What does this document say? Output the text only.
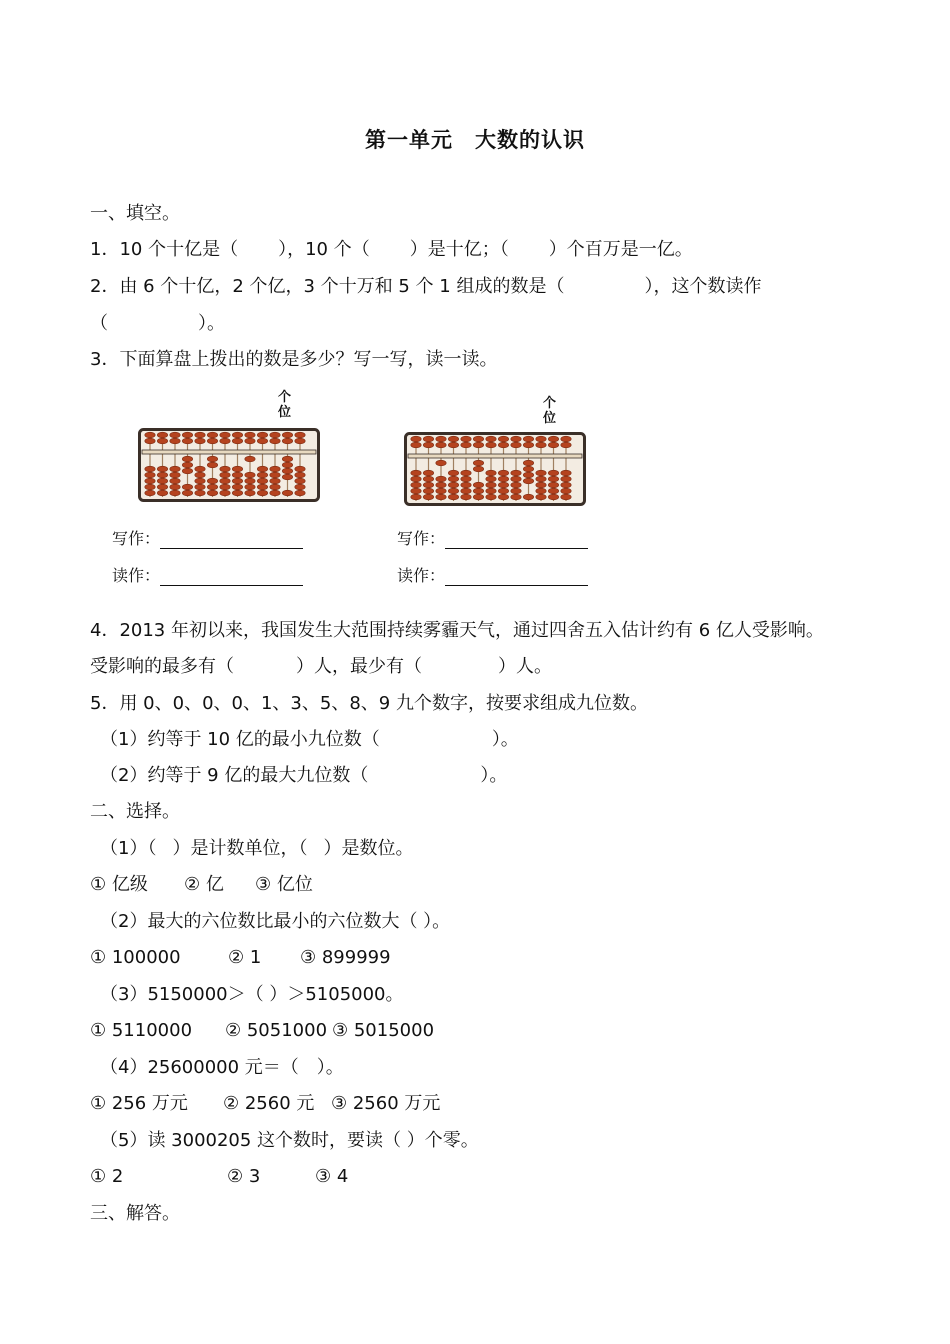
第一单元　大数的认识
一、填空。
1．10 个十亿是（ ），10 个（ ）是十亿；（ ）个百万是一亿。
2．由 6 个十亿，2 个亿，3 个十万和 5 个 1 组成的数是（	），这个数读作
（	）。
3．下面算盘上拨出的数是多少？写一写，读一读。
个
位
个
位
写作：	写作：
读作：	读作：
4．2013 年初以来，我国发生大范围持续雾霾天气，通过四舍五入估计约有 6 亿人受影响。
受影响的最多有（	）人，最少有（	）人。
5．用 0、0、0、0、1、3、5、8、9 九个数字，按要求组成九位数。
（1）约等于 10 亿的最小九位数（	）。
（2）约等于 9 亿的最大九位数（	）。
二、选择。
（1）（ ）是计数单位，（ ）是数位。
① 亿级 ② 亿 ③ 亿位
（2）最大的六位数比最小的六位数大（ ）。
① 100000	② 1 ③ 899999
（3）5150000＞（ ）＞5105000。
① 5110000 ② 5051000 ③ 5015000
（4）25600000 元＝（　）。
① 256 万元 ② 2560 元 ③ 2560 万元
（5）读 3000205 这个数时，要读（ ）个零。
① 2	② 3	③ 4
三、解答。
